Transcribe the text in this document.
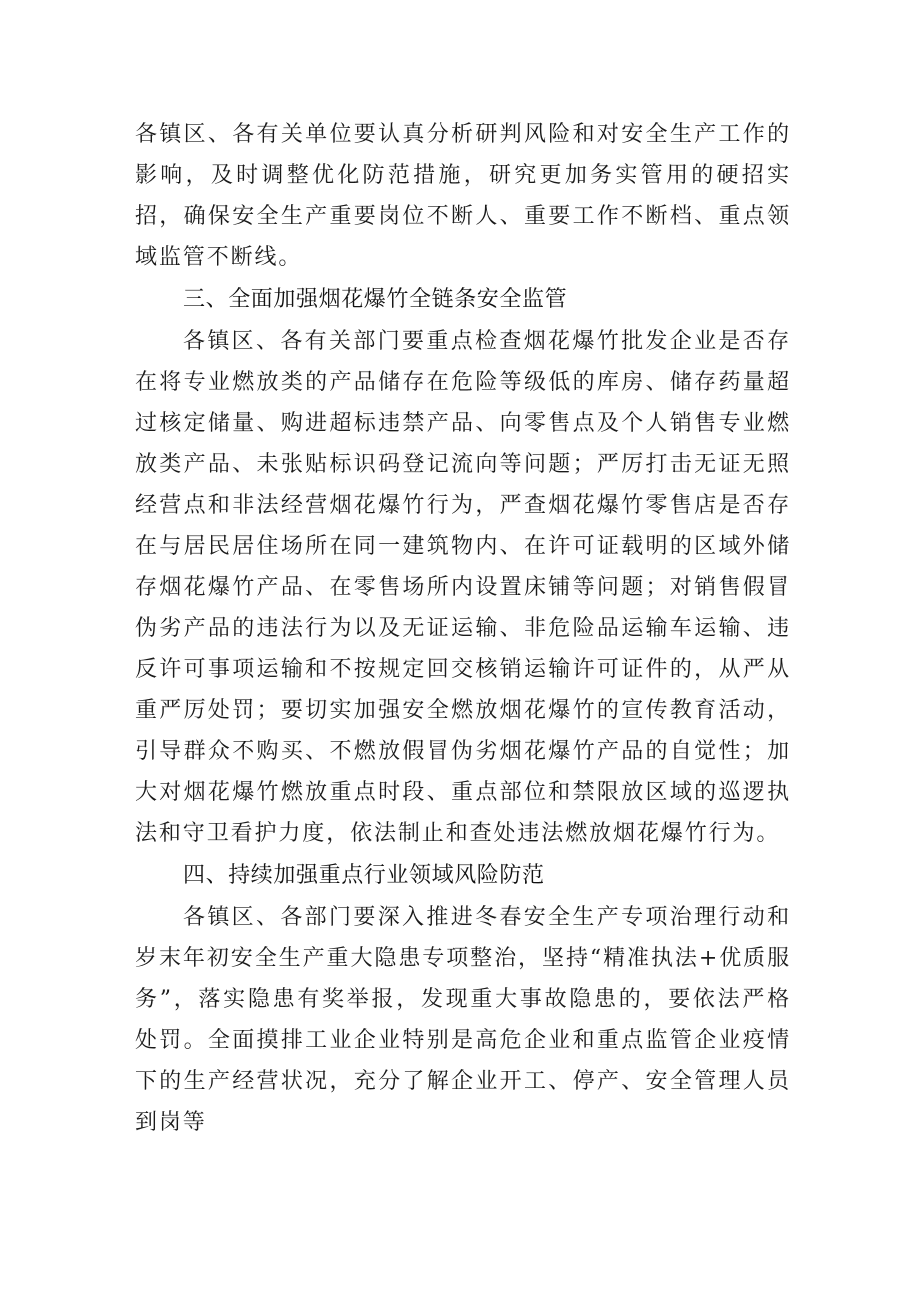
各镇区、各有关单位要认真分析研判风险和对安全生产工作的影响，及时调整优化防范措施，研究更加务实管用的硬招实招，确保安全生产重要岗位不断人、重要工作不断档、重点领域监管不断线。

三、全面加强烟花爆竹全链条安全监管

各镇区、各有关部门要重点检查烟花爆竹批发企业是否存在将专业燃放类的产品储存在危险等级低的库房、储存药量超过核定储量、购进超标违禁产品、向零售点及个人销售专业燃放类产品、未张贴标识码登记流向等问题；严厉打击无证无照经营点和非法经营烟花爆竹行为，严查烟花爆竹零售店是否存在与居民居住场所在同一建筑物内、在许可证载明的区域外储存烟花爆竹产品、在零售场所内设置床铺等问题；对销售假冒伪劣产品的违法行为以及无证运输、非危险品运输车运输、违反许可事项运输和不按规定回交核销运输许可证件的，从严从重严厉处罚；要切实加强安全燃放烟花爆竹的宣传教育活动，引导群众不购买、不燃放假冒伪劣烟花爆竹产品的自觉性；加大对烟花爆竹燃放重点时段、重点部位和禁限放区域的巡逻执法和守卫看护力度，依法制止和查处违法燃放烟花爆竹行为。

四、持续加强重点行业领域风险防范

各镇区、各部门要深入推进冬春安全生产专项治理行动和岁末年初安全生产重大隐患专项整治，坚持“精准执法+优质服务”，落实隐患有奖举报，发现重大事故隐患的，要依法严格处罚。全面摸排工业企业特别是高危企业和重点监管企业疫情下的生产经营状况，充分了解企业开工、停产、安全管理人员到岗等
